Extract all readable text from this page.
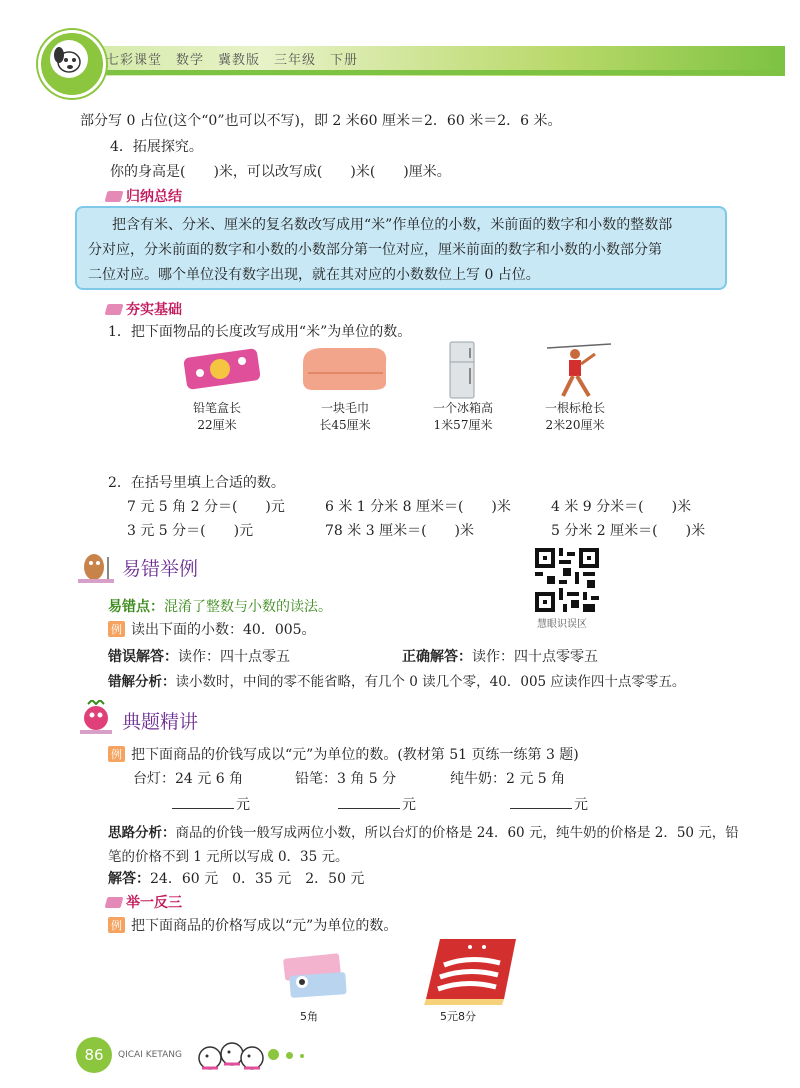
七彩课堂　数学　冀教版　三年级　下册
部分写 0 占位(这个“0”也可以不写)，即 2 米60 厘米＝2．60 米＝2．6 米。
4．拓展探究。
你的身高是(　　)米，可以改写成(　　)米(　　)厘米。
归纳总结
把含有米、分米、厘米的复名数改写成用“米”作单位的小数，米前面的数字和小数的整数部
分对应，分米前面的数字和小数的小数部分第一位对应，厘米前面的数字和小数的小数部分第
二位对应。哪个单位没有数字出现，就在其对应的小数数位上写 0 占位。
夯实基础
1．把下面物品的长度改写成用“米”为单位的数。
铅笔盒长
22厘米
一块毛巾
长45厘米
一个冰箱高
1米57厘米
一根标枪长
2米20厘米
2．在括号里填上合适的数。
7 元 5 角 2 分＝(　　)元	6 米 1 分米 8 厘米＝(　　)米	4 米 9 分米＝(　　)米
3 元 5 分＝(　　)元	78 米 3 厘米＝(　　)米	5 分米 2 厘米＝(　　)米
易错举例
慧眼识误区
易错点：混淆了整数与小数的读法。
例 读出下面的小数：40．005。
错误解答：读作：四十点零五	正确解答：读作：四十点零零五
错解分析：读小数时，中间的零不能省略，有几个 0 读几个零，40．005 应读作四十点零零五。
典题精讲
例 把下面商品的价钱写成以“元”为单位的数。(教材第 51 页练一练第 3 题)
台灯：24 元 6 角	铅笔：3 角 5 分	纯牛奶：2 元 5 角
元	元	元
思路分析：商品的价钱一般写成两位小数，所以台灯的价格是 24．60 元，纯牛奶的价格是 2．50 元，铅
笔的价格不到 1 元所以写成 0．35 元。
解答：24．60 元　0．35 元　2．50 元
举一反三
例 把下面商品的价格写成以“元”为单位的数。
5角	5元8分
86	QICAI KETANG
